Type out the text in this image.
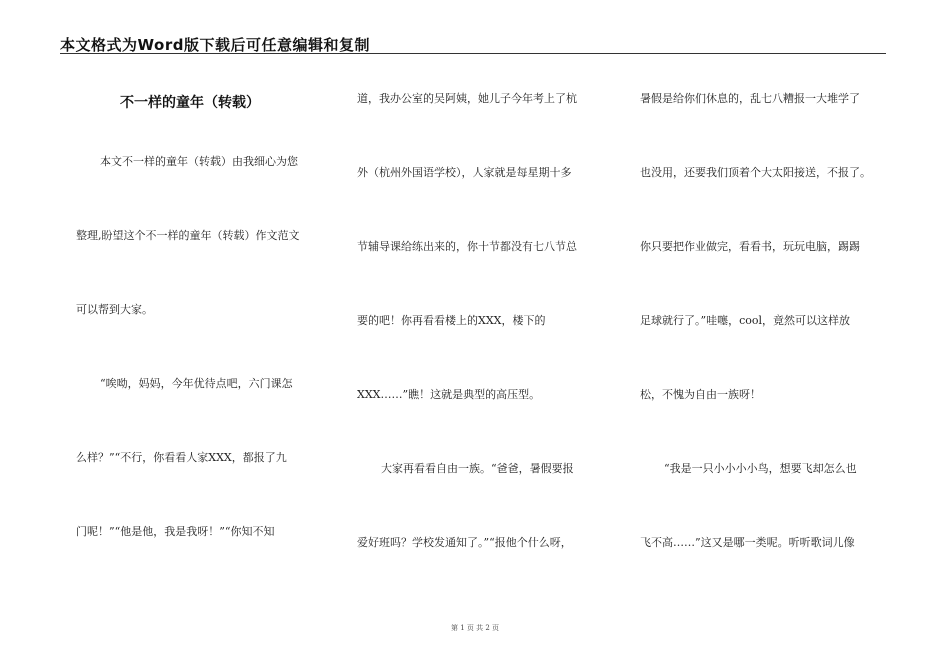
本文格式为Word版下载后可任意编辑和复制
不一样的童年（转载）
本文不一样的童年（转载）由我细心为您
整理,盼望这个不一样的童年（转载）作文范文
可以帮到大家。
“唉呦，妈妈，今年优待点吧，六门课怎
么样？”“不行，你看看人家XXX，都报了九
门呢！”“他是他，我是我呀！”“你知不知
道，我办公室的吴阿姨，她儿子今年考上了杭
外（杭州外国语学校），人家就是每星期十多
节辅导课给练出来的，你十节都没有七八节总
要的吧！你再看看楼上的XXX，楼下的
XXX……”瞧！这就是典型的高压型。
大家再看看自由一族。“爸爸，暑假要报
爱好班吗？学校发通知了。”“报他个什么呀，
暑假是给你们休息的，乱七八糟报一大堆学了
也没用，还要我们顶着个大太阳接送，不报了。
你只要把作业做完，看看书，玩玩电脑，踢踢
足球就行了。”哇噻，cool，竟然可以这样放
松，不愧为自由一族呀！
“我是一只小小小小鸟，想要飞却怎么也
飞不高……”这又是哪一类呢。听听歌词儿像
第 1 页 共 2 页
